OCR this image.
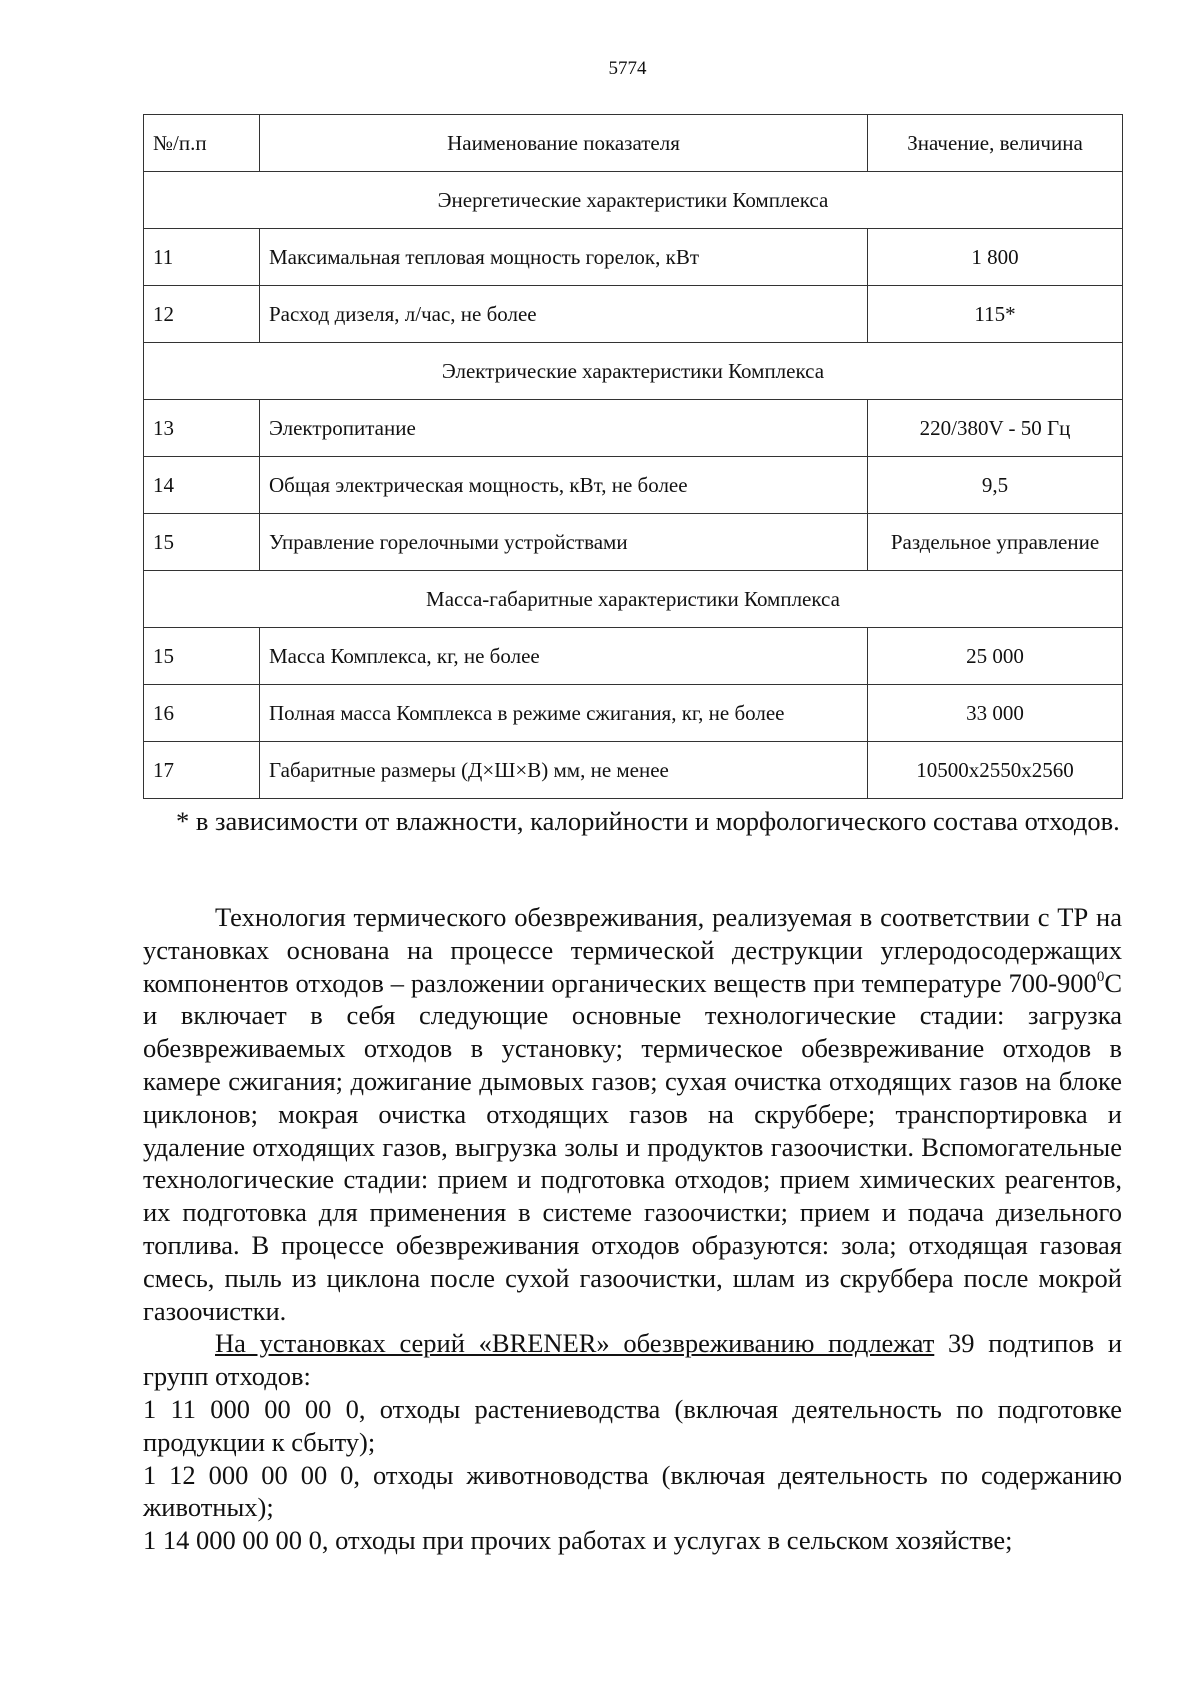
5774
№/п.п	Наименование показателя	Значение, величина
Энергетические характеристики Комплекса		
11	Максимальная тепловая мощность горелок, кВт	1 800
12	Расход дизеля, л/час, не более	115*
Электрические характеристики Комплекса		
13	Электропитание	220/380V - 50 Гц
14	Общая электрическая мощность, кВт, не более	9,5
15	Управление горелочными устройствами	Раздельное управление
Масса-габаритные характеристики Комплекса		
15	Масса Комплекса, кг, не более	25 000
16	Полная масса Комплекса в режиме сжигания, кг, не более	33 000
17	Габаритные размеры (Д×Ш×В) мм, не менее	10500х2550х2560

* в зависимости от влажности, калорийности и морфологического состава отходов.

Технология термического обезвреживания, реализуемая в соответствии с ТР на установках основана на процессе термической деструкции углеродосодержащих компонентов отходов – разложении органических веществ при температуре $700-900^0С$ и включает в себя следующие основные технологические стадии: загрузка обезвреживаемых отходов в установку; термическое обезвреживание отходов в камере сжигания; дожигание дымовых газов; сухая очистка отходящих газов на блоке циклонов; мокрая очистка отходящих газов на скруббере; транспортировка и удаление отходящих газов, выгрузка золы и продуктов газоочистки. Вспомогательные технологические стадии: прием и подготовка отходов; прием химических реагентов, их подготовка для применения в системе газоочистки; прием и подача дизельного топлива. В процессе обезвреживания отходов образуются: зола; отходящая газовая смесь, пыль из циклона после сухой газоочистки, шлам из скруббера после мокрой газоочистки.

На установках серий «BRENER» обезвреживанию подлежат 39 подтипов и групп отходов:

1 11 000 00 00 0, отходы растениеводства (включая деятельность по подготовке продукции к сбыту);

1 12 000 00 00 0, отходы животноводства (включая деятельность по содержанию животных);

1 14 000 00 00 0, отходы при прочих работах и услугах в сельском хозяйстве;
